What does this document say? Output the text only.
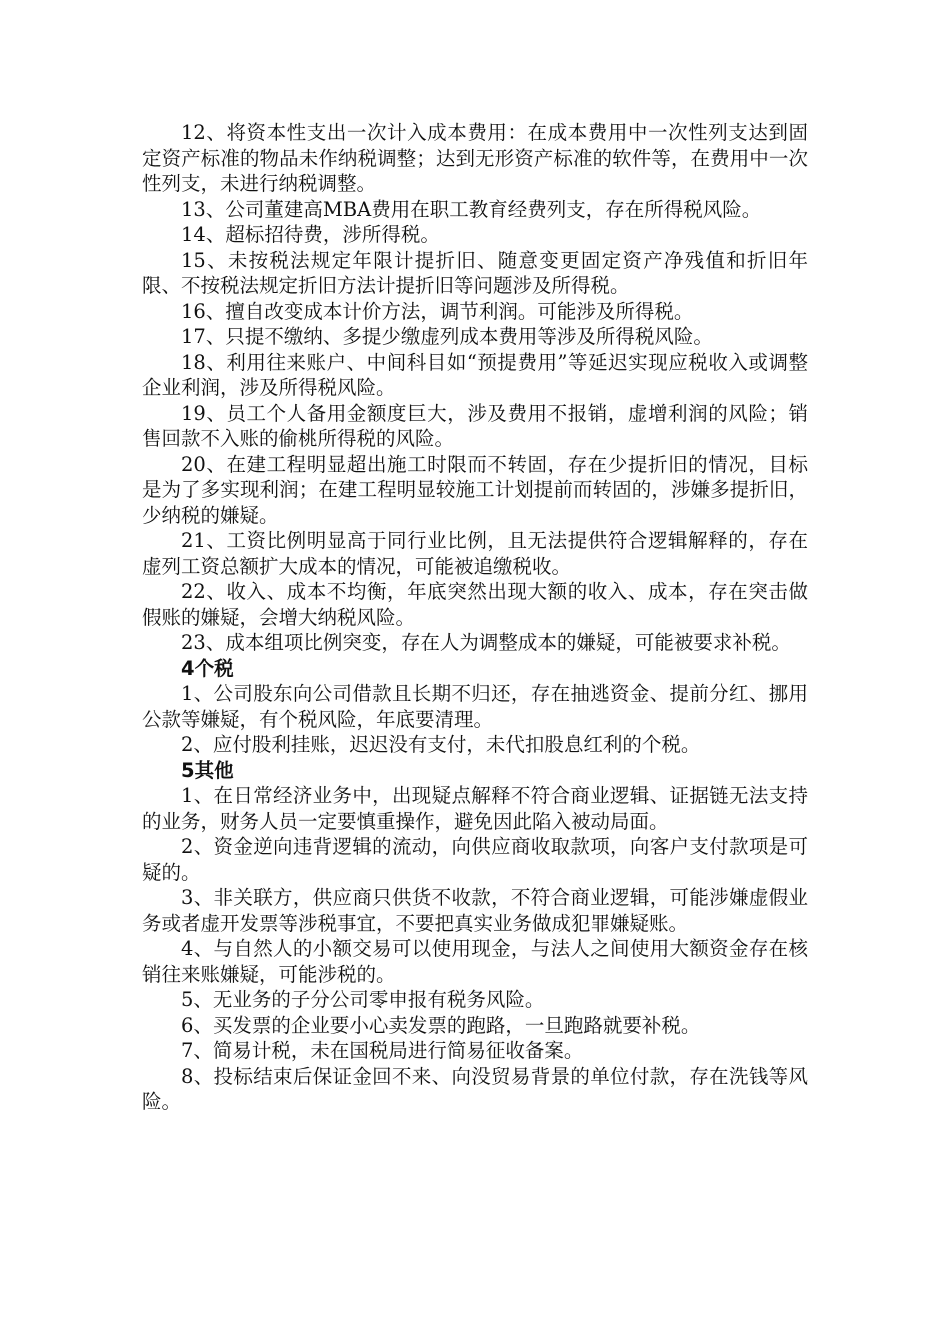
12、将资本性支出一次计入成本费用：在成本费用中一次性列支达到固定资产标准的物品未作纳税调整；达到无形资产标准的软件等，在费用中一次性列支，未进行纳税调整。

13、公司董建高MBA费用在职工教育经费列支，存在所得税风险。

14、超标招待费，涉所得税。

15、未按税法规定年限计提折旧、随意变更固定资产净残值和折旧年限、不按税法规定折旧方法计提折旧等问题涉及所得税。

16、擅自改变成本计价方法，调节利润。可能涉及所得税。

17、只提不缴纳、多提少缴虚列成本费用等涉及所得税风险。

18、利用往来账户、中间科目如“预提费用”等延迟实现应税收入或调整企业利润，涉及所得税风险。

19、员工个人备用金额度巨大，涉及费用不报销，虚增利润的风险；销售回款不入账的偷桃所得税的风险。

20、在建工程明显超出施工时限而不转固，存在少提折旧的情况，目标是为了多实现利润；在建工程明显较施工计划提前而转固的，涉嫌多提折旧，少纳税的嫌疑。

21、工资比例明显高于同行业比例，且无法提供符合逻辑解释的，存在虚列工资总额扩大成本的情况，可能被追缴税收。

22、收入、成本不均衡，年底突然出现大额的收入、成本，存在突击做假账的嫌疑，会增大纳税风险。

23、成本组项比例突变，存在人为调整成本的嫌疑，可能被要求补税。

4个税

1、公司股东向公司借款且长期不归还，存在抽逃资金、提前分红、挪用公款等嫌疑，有个税风险，年底要清理。

2、应付股利挂账，迟迟没有支付，未代扣股息红利的个税。

5其他

1、在日常经济业务中，出现疑点解释不符合商业逻辑、证据链无法支持的业务，财务人员一定要慎重操作，避免因此陷入被动局面。

2、资金逆向违背逻辑的流动，向供应商收取款项，向客户支付款项是可疑的。

3、非关联方，供应商只供货不收款，不符合商业逻辑，可能涉嫌虚假业务或者虚开发票等涉税事宜，不要把真实业务做成犯罪嫌疑账。

4、与自然人的小额交易可以使用现金，与法人之间使用大额资金存在核销往来账嫌疑，可能涉税的。

5、无业务的子分公司零申报有税务风险。

6、买发票的企业要小心卖发票的跑路，一旦跑路就要补税。

7、简易计税，未在国税局进行简易征收备案。

8、投标结束后保证金回不来、向没贸易背景的单位付款，存在洗钱等风险。
